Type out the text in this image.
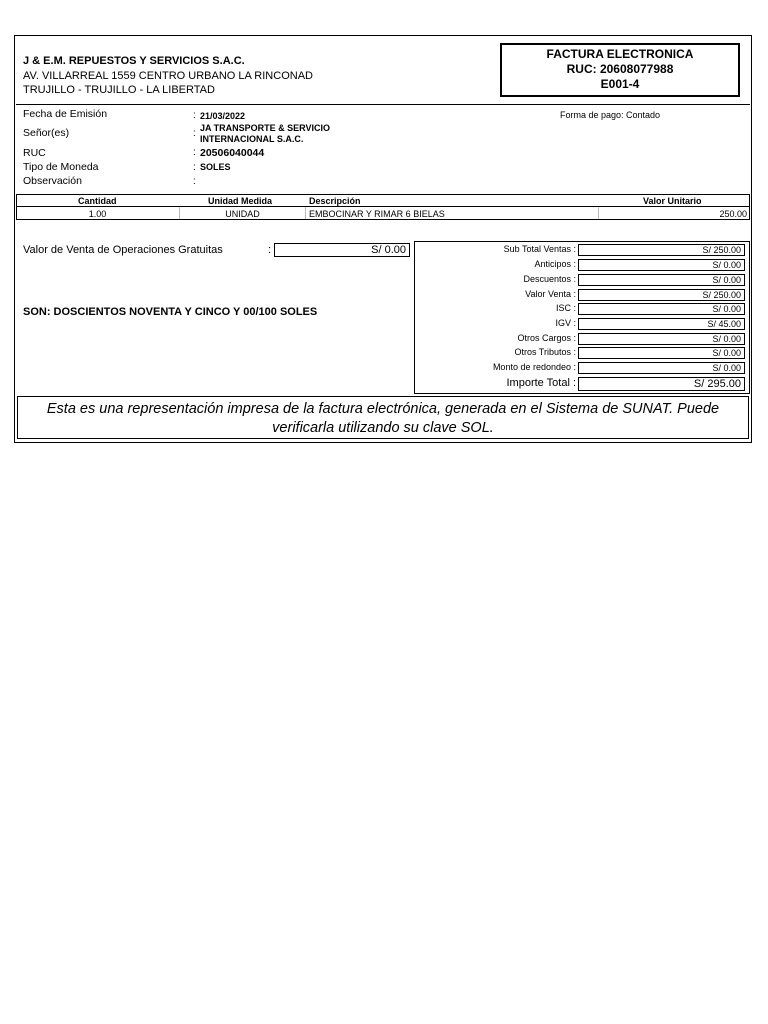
J & E.M. REPUESTOS Y SERVICIOS S.A.C.
AV. VILLARREAL 1559 CENTRO URBANO LA RINCONAD
TRUJILLO - TRUJILLO - LA LIBERTAD
FACTURA ELECTRONICA
RUC: 20608077988
E001-4
Fecha de Emisión	: 21/03/2022
Señor(es)	: JA TRANSPORTE & SERVICIO
INTERNACIONAL S.A.C.
RUC	: 20506040044
Tipo de Moneda	: SOLES
Observación	:
Forma de pago: Contado
Cantidad	Unidad Medida	Descripción	Valor Unitario
1.00	UNIDAD	EMBOCINAR Y RIMAR 6 BIELAS	250.00
Valor de Venta de Operaciones Gratuitas	:	S/ 0.00
SON: DOSCIENTOS NOVENTA Y CINCO Y 00/100 SOLES
Sub Total Ventas :	S/ 250.00
Anticipos :	S/ 0.00
Descuentos :	S/ 0.00
Valor Venta :	S/ 250.00
ISC :	S/ 0.00
IGV :	S/ 45.00
Otros Cargos :	S/ 0.00
Otros Tributos :	S/ 0.00
Monto de redondeo :	S/ 0.00
Importe Total :	S/ 295.00
Esta es una representación impresa de la factura electrónica, generada en el Sistema de SUNAT. Puede
verificarla utilizando su clave SOL.
